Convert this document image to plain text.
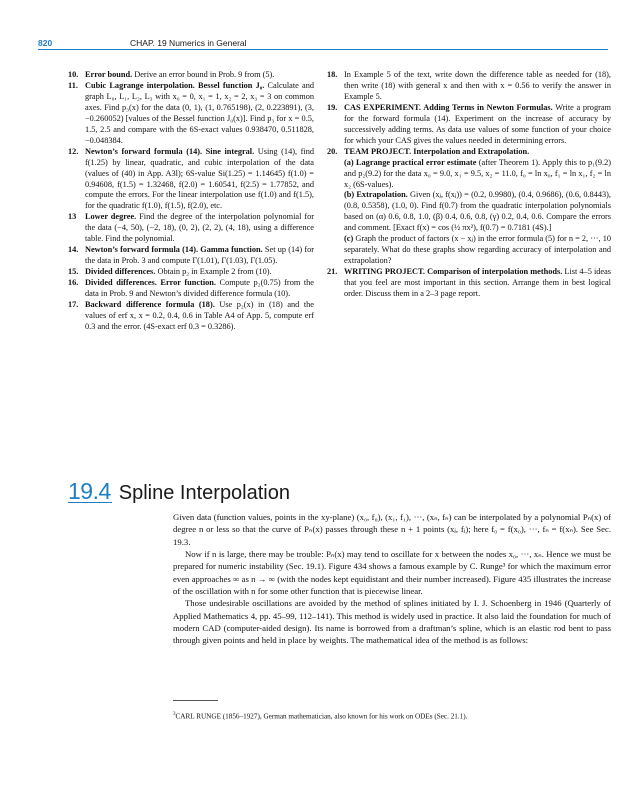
820	CHAP. 19 Numerics in General
10. Error bound. Derive an error bound in Prob. 9 from (5).
11. Cubic Lagrange interpolation. Bessel function J₀. Calculate and graph L₀, L₁, L₂, L₃ with x₀ = 0, x₁ = 1, x₂ = 2, x₃ = 3 on common axes. Find p₃(x) for the data (0, 1), (1, 0.765198), (2, 0.223891), (3, −0.260052) [values of the Bessel function J₀(x)]. Find p₃ for x = 0.5, 1.5, 2.5 and compare with the 6S-exact values 0.938470, 0.511828, −0.048384.
12. Newton’s forward formula (14). Sine integral. Using (14), find f(1.25) by linear, quadratic, and cubic interpolation of the data (values of (40) in App. A3l); 6S-value Si(1.25) = 1.14645) f(1.0) = 0.94608, f(1.5) = 1.32468, f(2.0) = 1.60541, f(2.5) = 1.77852, and compute the errors. For the linear interpolation use f(1.0) and f(1.5), for the quadratic f(1.0), f(1.5), f(2.0), etc.
13 Lower degree. Find the degree of the interpolation polynomial for the data (−4, 50), (−2, 18), (0, 2), (2, 2), (4, 18), using a difference table. Find the polynomial.
14. Newton’s forward formula (14). Gamma function. Set up (14) for the data in Prob. 3 and compute Γ(1.01), Γ(1.03), Γ(1.05).
15. Divided differences. Obtain p₂ in Example 2 from (10).
16. Divided differences. Error function. Compute p₂(0.75) from the data in Prob. 9 and Newton’s divided difference formula (10).
17. Backward difference formula (18). Use p₂(x) in (18) and the values of erf x, x = 0.2, 0.4, 0.6 in Table A4 of App. 5, compute erf 0.3 and the error. (4S-exact erf 0.3 = 0.3286).
18. In Example 5 of the text, write down the difference table as needed for (18), then write (18) with general x and then with x = 0.56 to verify the answer in Example 5.
19. CAS EXPERIMENT. Adding Terms in Newton Formulas. Write a program for the forward formula (14). Experiment on the increase of accuracy by successively adding terms. As data use values of some function of your choice for which your CAS gives the values needed in determining errors.
20. TEAM PROJECT. Interpolation and Extrapolation.
(a) Lagrange practical error estimate (after Theorem 1). Apply this to p₁(9.2) and p₂(9.2) for the data x₀ = 9.0, x₁ = 9.5, x₂ = 11.0, f₀ = ln x₀, f₁ = ln x₁, f₂ = ln x₂ (6S-values).
(b) Extrapolation. Given (xⱼ, f(xⱼ)) = (0.2, 0.9980), (0.4, 0.9686), (0.6, 0.8443), (0.8, 0.5358), (1.0, 0). Find f(0.7) from the quadratic interpolation polynomials based on (α) 0.6, 0.8, 1.0, (β) 0.4, 0.6, 0.8, (γ) 0.2, 0.4, 0.6. Compare the errors and comment. [Exact f(x) = cos (½ πx²), f(0.7) = 0.7181 (4S).]
(c) Graph the product of factors (x − xⱼ) in the error formula (5) for n = 2, ···, 10 separately. What do these graphs show regarding accuracy of interpolation and extrapolation?
21. WRITING PROJECT. Comparison of interpolation methods. List 4–5 ideas that you feel are most important in this section. Arrange them in best logical order. Discuss them in a 2–3 page report.
19.4 Spline Interpolation

Given data (function values, points in the xy-plane) (x₀, f₀), (x₁, f₁), ···, (xₙ, fₙ) can be interpolated by a polynomial Pₙ(x) of degree n or less so that the curve of Pₙ(x) passes through these n + 1 points (xⱼ, fⱼ); here f₀ = f(x₀), ···, fₙ = f(xₙ). See Sec. 19.3.

Now if n is large, there may be trouble: Pₙ(x) may tend to oscillate for x between the nodes x₀, ···, xₙ. Hence we must be prepared for numeric instability (Sec. 19.1). Figure 434 shows a famous example by C. Runge³ for which the maximum error even approaches ∞ as n → ∞ (with the nodes kept equidistant and their number increased). Figure 435 illustrates the increase of the oscillation with n for some other function that is piecewise linear.

Those undesirable oscillations are avoided by the method of splines initiated by I. J. Schoenberg in 1946 (Quarterly of Applied Mathematics 4, pp. 45–99, 112–141). This method is widely used in practice. It also laid the foundation for much of modern CAD (computer-aided design). Its name is borrowed from a draftman’s spline, which is an elastic rod bent to pass through given points and held in place by weights. The mathematical idea of the method is as follows:

$^3$CARL RUNGE (1856–1927), German mathematician, also known for his work on ODEs (Sec. 21.1).
